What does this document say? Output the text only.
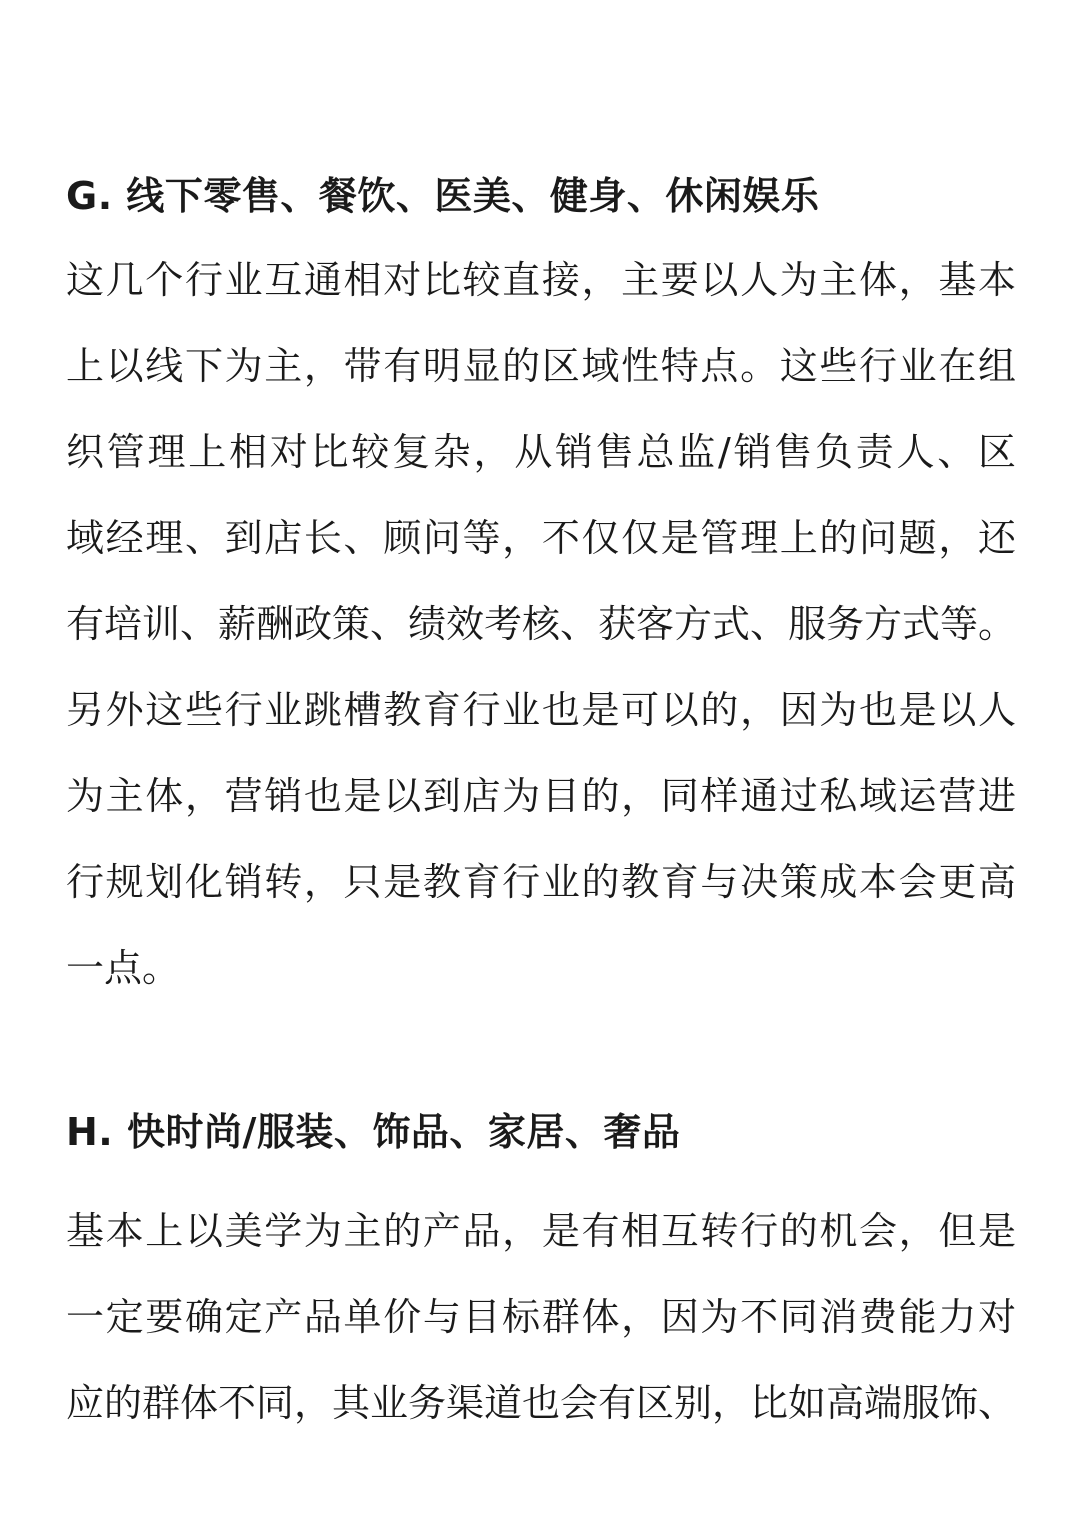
G. 线下零售、餐饮、医美、健身、休闲娱乐
这几个行业互通相对比较直接，主要以人为主体，基本
上以线下为主，带有明显的区域性特点。这些行业在组
织管理上相对比较复杂，从销售总监/销售负责人、区
域经理、到店长、顾问等，不仅仅是管理上的问题，还
有培训、薪酬政策、绩效考核、获客方式、服务方式等。
另外这些行业跳槽教育行业也是可以的，因为也是以人
为主体，营销也是以到店为目的，同样通过私域运营进
行规划化销转，只是教育行业的教育与决策成本会更高
一点。
H. 快时尚/服装、饰品、家居、奢品
基本上以美学为主的产品，是有相互转行的机会，但是
一定要确定产品单价与目标群体，因为不同消费能力对
应的群体不同，其业务渠道也会有区别，比如高端服饰、
